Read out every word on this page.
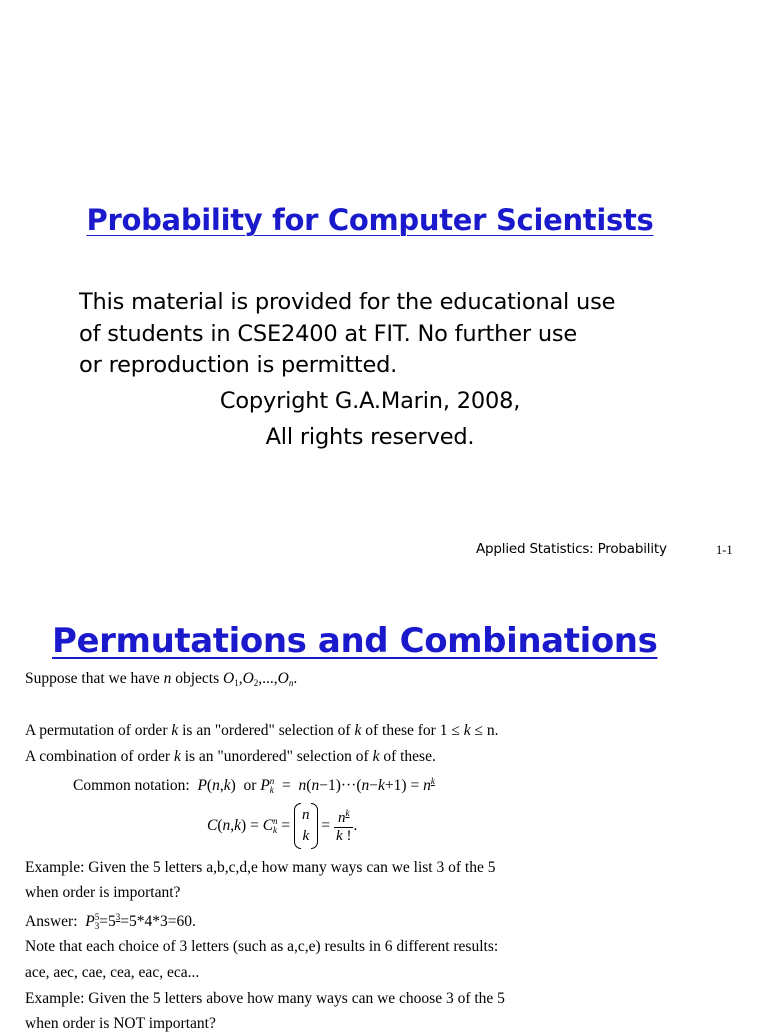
Probability for Computer Scientists

This material is provided for the educational use
of students in CSE2400 at FIT. No further use
or reproduction is permitted.

Copyright G.A.Marin, 2008,

All rights reserved.

Applied Statistics: Probability	1-1
Permutations and Combinations

Suppose that we have n objects $O_1,O_2,...,O_n$.

A permutation of order k is an "ordered" selection of k of these for 1 ≤ k ≤ n.

A combination of order k is an "unordered" selection of k of these.

Common notation: P(n,k)  or P n
$k = n(n-1)\cdot\cdot\cdot(n-k+1) = n^k$

C(n,k) = C n
k =
n
k
= $\frac{n^k}{k !}$ .

Example: Given the 5 letters a,b,c,d,e how many ways can we list 3 of the 5

when order is important?

Answer:  P 5
$3 =5^3=5*4*3=60$.

Note that each choice of 3 letters (such as a,c,e) results in 6 different results:

ace, aec, cae, cea, eac, eca...

Example: Given the 5 letters above how many ways can we choose 3 of the 5

when order is NOT important?
